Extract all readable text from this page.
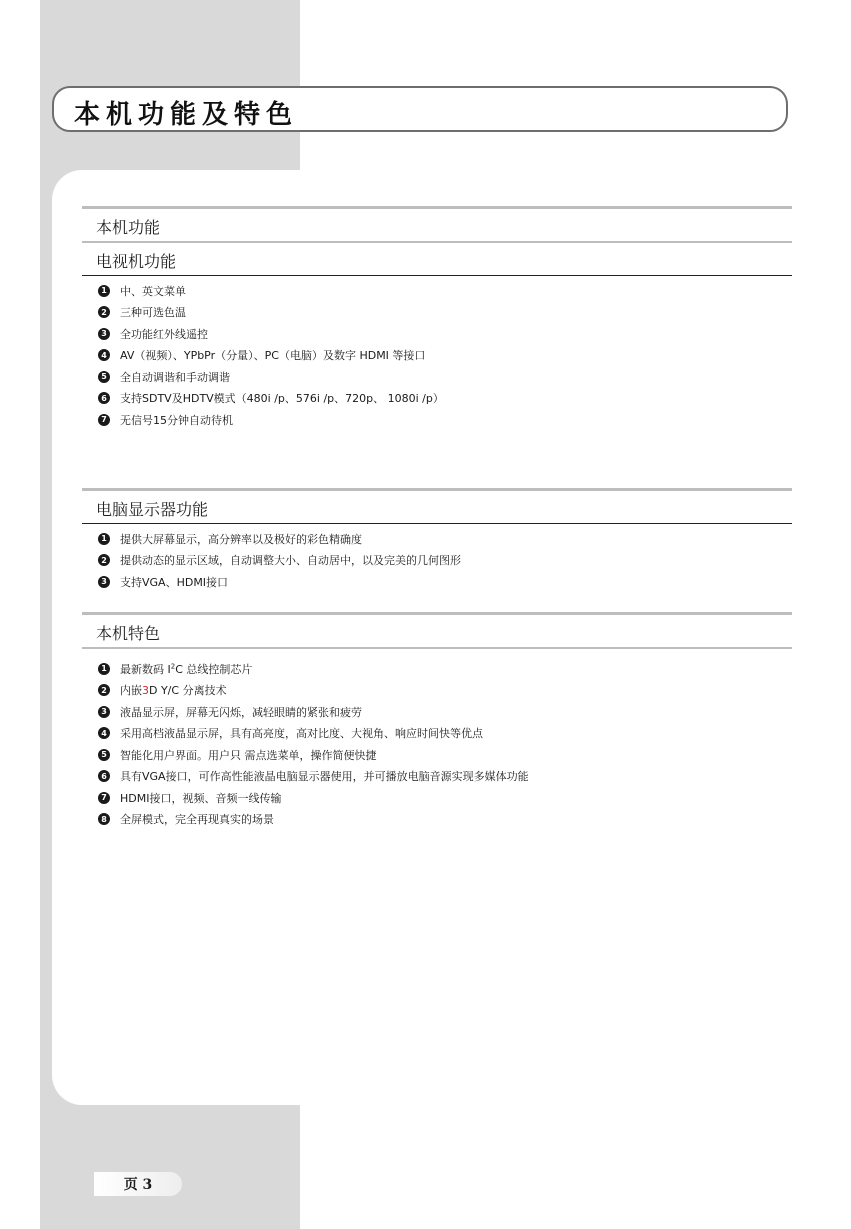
本机功能及特色
本机功能
电视机功能
1 中、英文菜单
2 三种可选色温
3 全功能红外线遥控
4 AV（视频）、YPbPr（分量）、PC（电脑）及数字 HDMI 等接口
5 全自动调谐和手动调谐
6 支持SDTV及HDTV模式（480i /p、576i /p、720p、 1080i /p）
7 无信号15分钟自动待机
电脑显示器功能
1 提供大屏幕显示，高分辨率以及极好的彩色精确度
2 提供动态的显示区域，自动调整大小、自动居中，以及完美的几何图形
3 支持VGA、HDMI接口
本机特色
1 最新数码 $I^2C$ 总线控制芯片
2 内嵌3D Y/C 分离技术
3 液晶显示屏，屏幕无闪烁，减轻眼睛的紧张和疲劳
4 采用高档液晶显示屏，具有高亮度，高对比度、大视角、响应时间快等优点
5 智能化用户界面。用户只 需点选菜单，操作简便快捷
6 具有VGA接口，可作高性能液晶电脑显示器使用，并可播放电脑音源实现多媒体功能
7 HDMI接口，视频、音频一线传输
8 全屏模式，完全再现真实的场景
页 3
